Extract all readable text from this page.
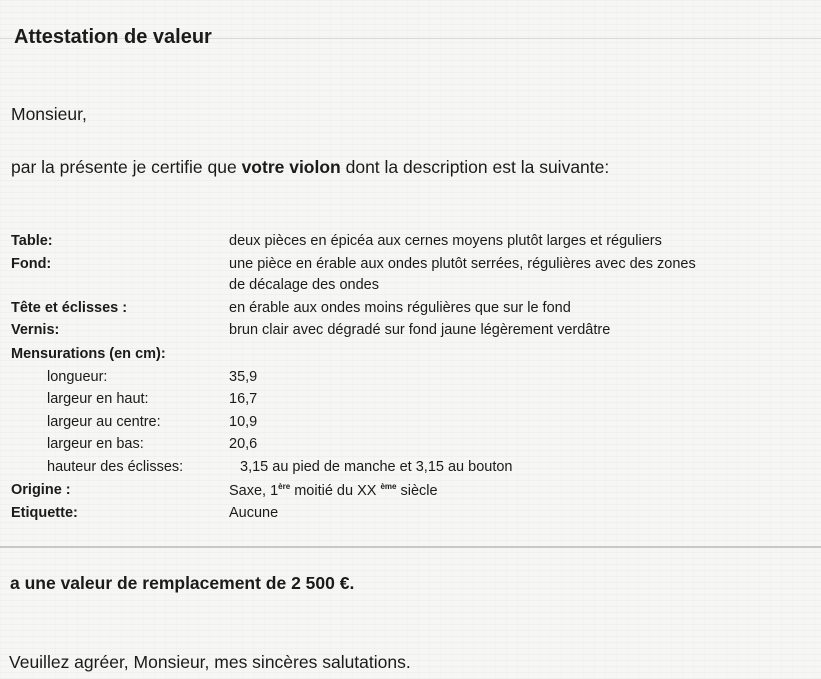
Attestation de valeur
Monsieur,
par la présente je certifie que votre violon dont la description est la suivante:
Table:	deux pièces en épicéa aux cernes moyens plutôt larges et réguliers
Fond:	une pièce en érable aux ondes plutôt serrées, régulières avec des zones
de décalage des ondes
Tête et éclisses :	en érable aux ondes moins régulières que sur le fond
Vernis:	brun clair avec dégradé sur fond jaune légèrement verdâtre
Mensurations (en cm):
longueur:	35,9
largeur en haut:	16,7
largeur au centre:	10,9
largeur en bas:	20,6
hauteur des éclisses:	3,15 au pied de manche et 3,15 au bouton
Origine :	Saxe, 1ère moitié du XX $^{ème}$ siècle
Etiquette:	Aucune
a une valeur de remplacement de 2 500 €.
Veuillez agréer, Monsieur, mes sincères salutations.
